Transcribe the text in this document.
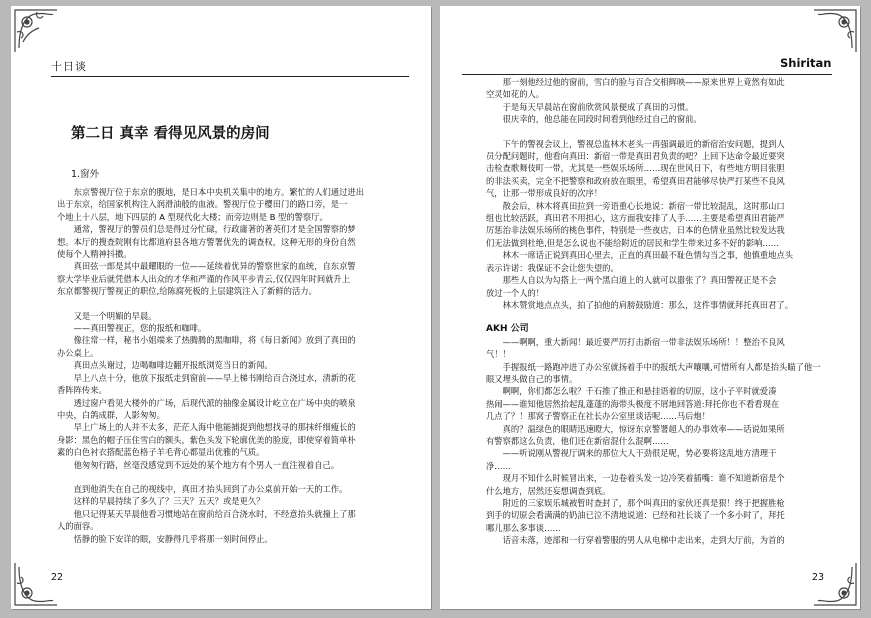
十日谈
第二日 真幸 看得见风景的房间
1.窗外

东京警视厅位于东京的腹地，是日本中央机关集中的地方。繁忙的人们通过进出

出于东京，给国家机构注入润滑油般的血液。警视厅位于樱田门的路口旁，是一

个地上十八层，地下四层的 A 型现代化大楼；而旁边则是 B 型的警察厅。

通常，警视厅的警员们总是得过分忙碌，行政庸著的著英们才是全国警察的梦

想。本厅的搜查院刚有比都道府县各地方警署优先的调查权，这种无形的身份自然

使每个人精神抖擞。

真田弦一郎是其中最耀眼的一位——延续着优异的警察世家的血统，自东京警

察大学毕业后就凭借本人出众的才华和严谨的作风平步青云,仅仅四年时间就升上

东京都警视厅警视正的职位,给陈腐死板的上层建筑注入了新鲜的活力。

又是一个明媚的早晨。

——真田警视正，您的报纸和咖啡。

像往常一样，秘书小姐端来了热腾腾的黑咖啡，将《每日新闻》放到了真田的

办公桌上。

真田点头谢过，边喝咖啡边翻开报纸浏览当日的新闻。

早上八点十分，他放下报纸走到窗前——早上梯书刚给百合浇过水，清新的花

香阵阵传来。

透过窗户看见大楼外的广场，后现代派的抽像金属设计屹立在广场中央的喷泉

中央，白鸽成群，人影匆匆。

早上广场上的人并不太多，茫茫人海中他能捕捉到他想找寻的那抹纤细瘦长的

身影：黑色的帽子压住雪白的额头，紫色头发下轮廓优美的脸庞，即使穿着简单朴

素的白色衬衣搭配蓝色格子羊毛背心都显出优雅的气质。

他匆匆行路，丝毫没感觉到不远处的某个地方有个男人一直注视着自己。

直到他消失在自己的视线中，真田才抬头回到了办公桌前开始一天的工作。

这样的早晨持续了多久了？三天？五天？或是更久？

他只记得某天早晨他看习惯地站在窗前给百合浇水时，不经意抬头就撞上了那

人的面容。

恬静的脸下安详的眼，安静得几乎将那一刻时间停止。

22
Shiritan

那一刻他经过他的窗前，雪白的脸与百合交相辉映——原来世界上竟然有如此

空灵如花的人。

于是每天早晨站在窗前欣赏风景便成了真田的习惯。

很庆幸的，他总能在同段时间看到他经过自己的窗前。

下午的警视会议上，警视总监林木老头一再强调最近的新宿治安问题，提到人

员分配问题时，他看向真田：新宿一带是真田君负责的吧？上回下达命令最近要突

击检查歌舞伎町一带，尤其是一些娱乐场所……现在世风日下，有些地方明目张胆

的非法买卖，完全不把警察和政府放在眼里，希望真田君能够尽快严打某些不良风

气，让那一带形成良好的次序！

散会后，林木将真田拉到一旁语重心长地说：新宿一带比较混乱，这时那山口

组也比较活跃，真田君不用担心，这方面我安排了人手……主要是希望真田君能严

厉惩治非法娱乐场所的桃色事件，特别是一些夜店，日本的色情业虽然比较发达我

们无法做到杜绝,但是怎么说也不能给附近的居民和学生带来过多不好的影响……

林木一席话正说到真田心里去，正直的真田最不耻色情勾当之事，他慎重地点头

表示许诺：我保证不会让您失望的。

那些人自以为勾搭上一两个黑白道上的人就可以嚣张了？真田警视正是不会

放过一个人的！

林木赞赏地点点头，拍了拍他的肩膀鼓励道：那么，这件事情就拜托真田君了。

AKH 公司

——啊啊，重大新闻！最近要严厉打击新宿一带非法娱乐场所！！整治不良风

气！！

手握报纸一路跑冲进了办公室就扬着手中的报纸大声嚷嚷,可惜所有人都是抬头瞄了他一

眼又埋头做自己的事情。

啊啊，你们都怎么啦？千石推了推正和悬挂语着的切原，这小子平时就爱凑

热闹——谁知他居然抬起乱蓬蓬的海带头极度不屑地回答道:拜托你也不看看现在

几点了？！那窝子警察正在社长办公室里谈话呢……马后炮！

真的？温绿色的眼睛迅速瞪大，惊讶东京警署超人的办事效率——话说如果所

有警察都这么负责，他们还在新宿混什么混啊……

——听说刚从警视厅调来的那位大人干劲很足呢，势必要将这乱地方清理干

净……

现月不知什么时候冒出来，一边卷着头发一边冷笑着插嘴：谁不知道新宿是个

什么地方，居然还妄想调查到底。

附近的三家娱乐城被暂时查封了，那个叫真田的家伙还真是狠！终于把握胜枪

到手的切原会看满满的奶油已泣不清地说道：已经和社长谈了一个多小时了，拜托

哪儿那么多事谈……

话音未落，迹部和一行穿着警服的男人从电梯中走出来，走到大厅前，为首的

23
